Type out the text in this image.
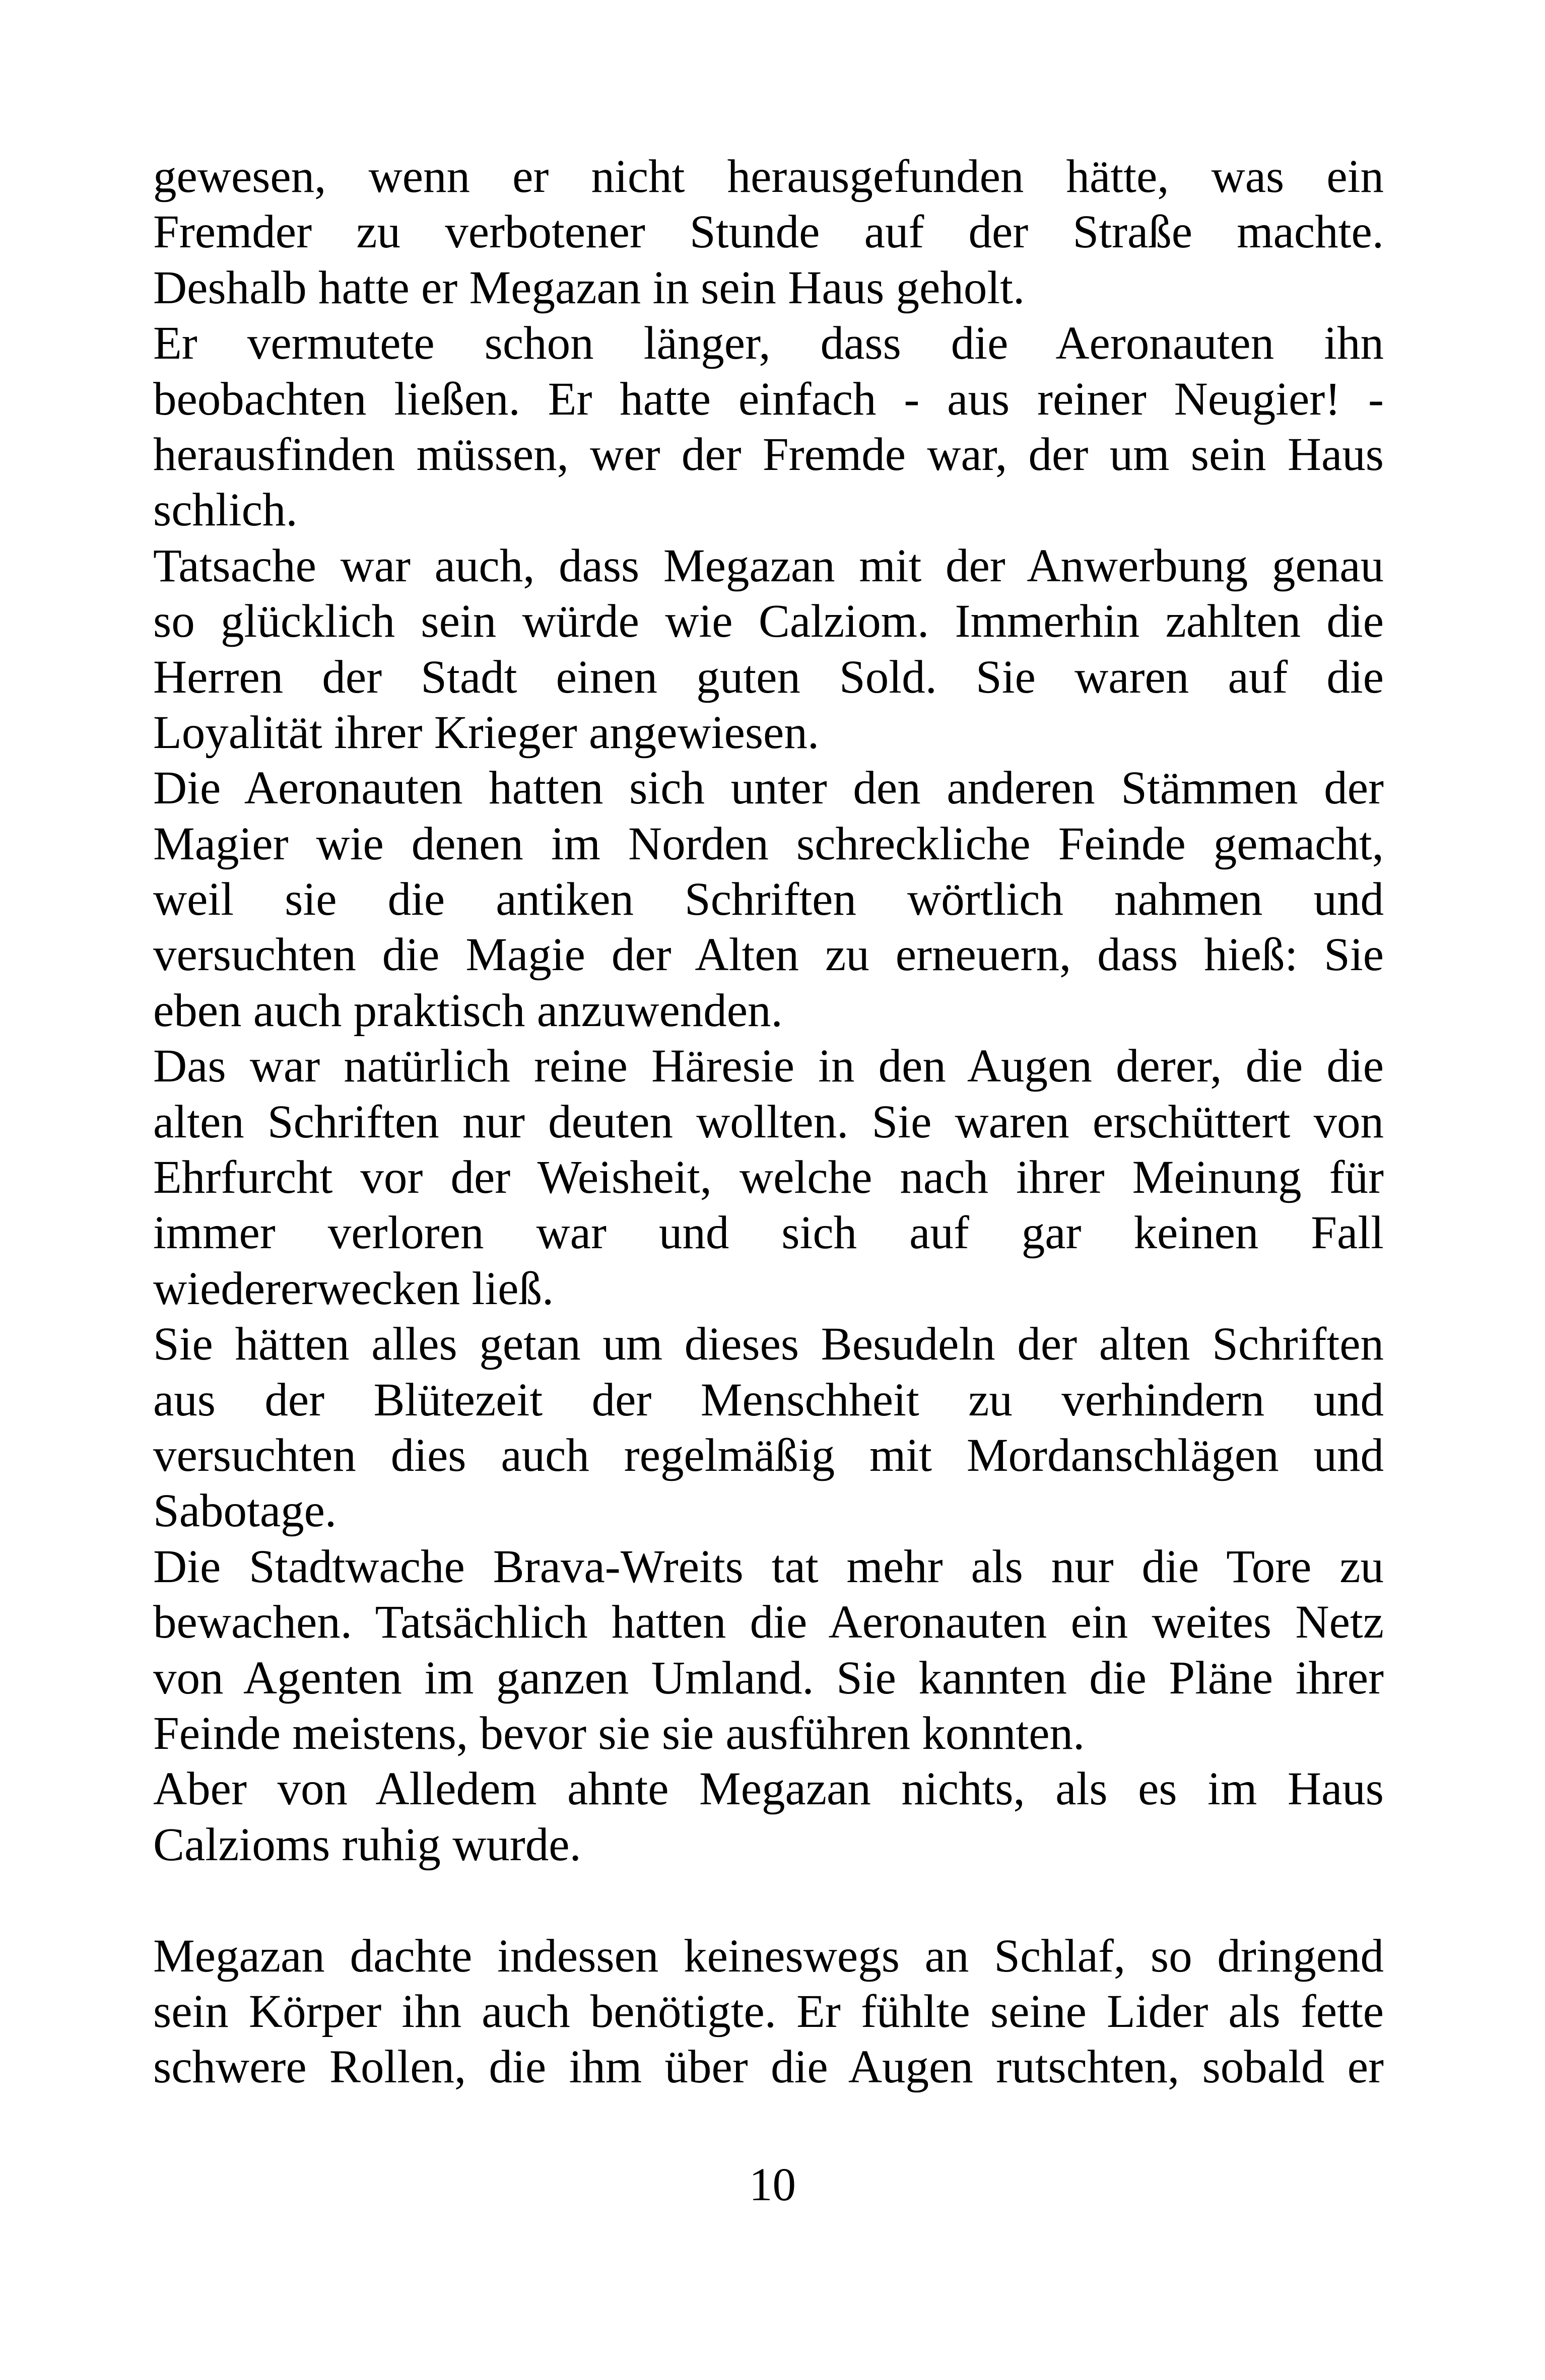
gewesen, wenn er nicht herausgefunden hätte, was ein
Fremder zu verbotener Stunde auf der Straße machte.
Deshalb hatte er Megazan in sein Haus geholt.
Er vermutete schon länger, dass die Aeronauten ihn
beobachten ließen. Er hatte einfach - aus reiner Neugier! -
herausfinden müssen, wer der Fremde war, der um sein Haus
schlich.
Tatsache war auch, dass Megazan mit der Anwerbung genau
so glücklich sein würde wie Calziom. Immerhin zahlten die
Herren der Stadt einen guten Sold. Sie waren auf die
Loyalität ihrer Krieger angewiesen.
Die Aeronauten hatten sich unter den anderen Stämmen der
Magier wie denen im Norden schreckliche Feinde gemacht,
weil sie die antiken Schriften wörtlich nahmen und
versuchten die Magie der Alten zu erneuern, dass hieß: Sie
eben auch praktisch anzuwenden.
Das war natürlich reine Häresie in den Augen derer, die die
alten Schriften nur deuten wollten. Sie waren erschüttert von
Ehrfurcht vor der Weisheit, welche nach ihrer Meinung für
immer verloren war und sich auf gar keinen Fall
wiedererwecken ließ.
Sie hätten alles getan um dieses Besudeln der alten Schriften
aus der Blütezeit der Menschheit zu verhindern und
versuchten dies auch regelmäßig mit Mordanschlägen und
Sabotage.
Die Stadtwache Brava-Wreits tat mehr als nur die Tore zu
bewachen. Tatsächlich hatten die Aeronauten ein weites Netz
von Agenten im ganzen Umland. Sie kannten die Pläne ihrer
Feinde meistens, bevor sie sie ausführen konnten.
Aber von Alledem ahnte Megazan nichts, als es im Haus
Calzioms ruhig wurde.
Megazan dachte indessen keineswegs an Schlaf, so dringend
sein Körper ihn auch benötigte. Er fühlte seine Lider als fette
schwere Rollen, die ihm über die Augen rutschten, sobald er
10
